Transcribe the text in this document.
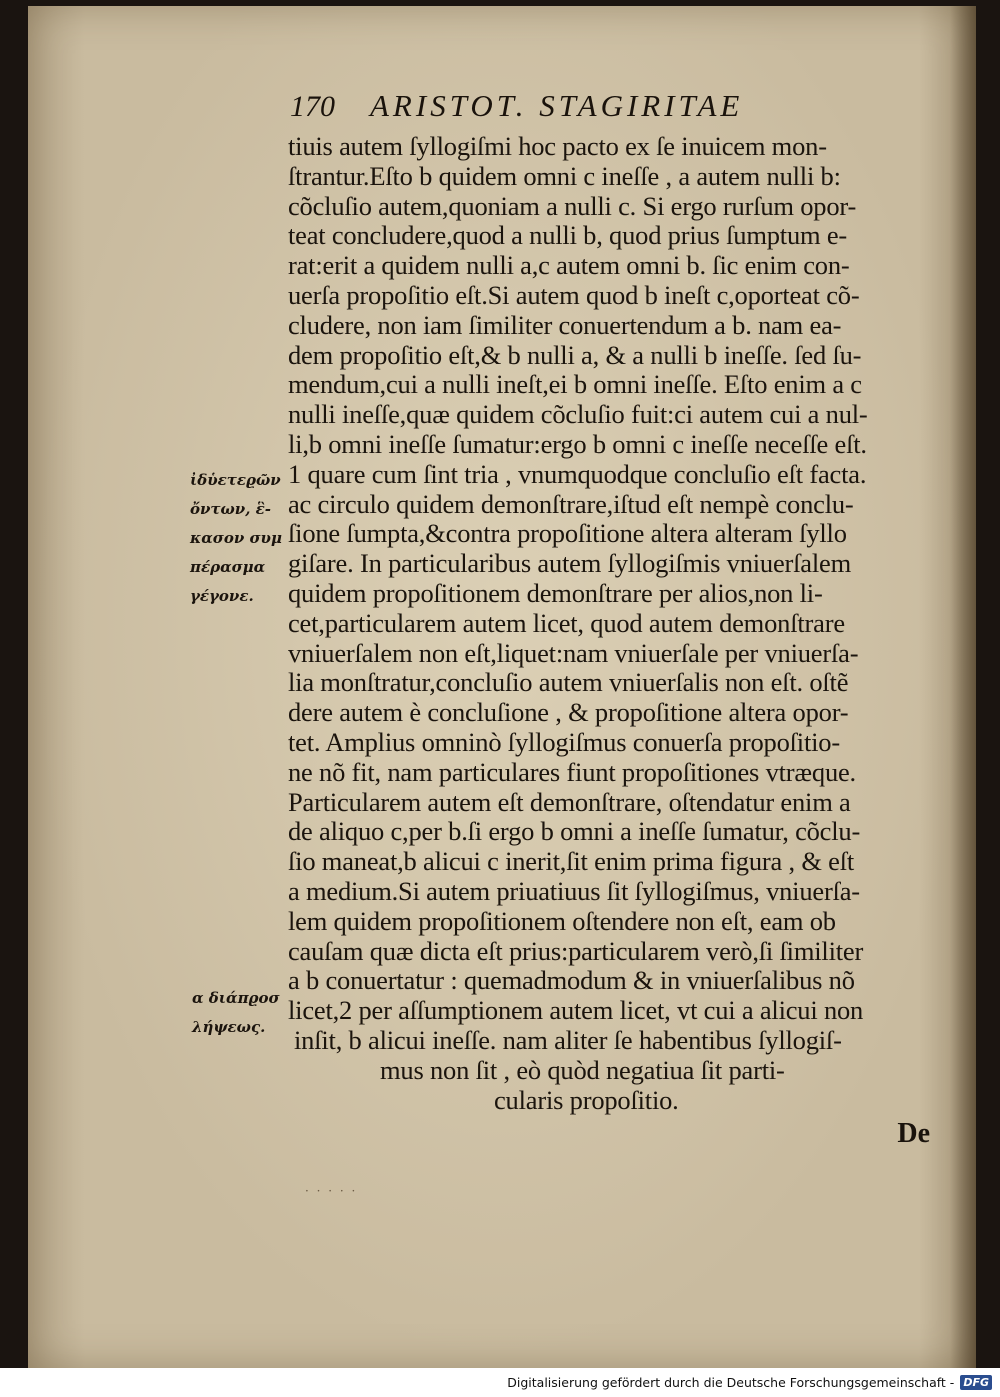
170	ARISTOT. STAGIRITAE
tiuis autem ſyllogiſmi hoc pacto ex ſe inuicem mon-
ſtrantur.Eſto b quidem omni c ineſſe , a autem nulli b:
cõcluſio autem,quoniam a nulli c. Si ergo rurſum opor-
teat concludere,quod a nulli b, quod prius ſumptum e-
rat:erit a quidem nulli a,c autem omni b. ſic enim con-
uerſa propoſitio eſt.Si autem quod b ineſt c,oporteat cõ-
cludere, non iam ſimiliter conuertendum a b. nam ea-
dem propoſitio eſt,& b nulli a, & a nulli b ineſſe. ſed ſu-
mendum,cui a nulli ineſt,ei b omni ineſſe. Eſto enim a c
nulli ineſſe,quæ quidem cõcluſio fuit:ci autem cui a nul-
li,b omni ineſſe ſumatur:ergo b omni c ineſſe neceſſe eſt.
1 quare cum ſint tria , vnumquodque concluſio eſt facta.
ac circulo quidem demonſtrare,iſtud eſt nempè conclu-
ſione ſumpta,&contra propoſitione altera alteram ſyllo
giſare. In particularibus autem ſyllogiſmis vniuerſalem
quidem propoſitionem demonſtrare per alios,non li-
cet,particularem autem licet, quod autem demonſtrare
vniuerſalem non eſt,liquet:nam vniuerſale per vniuerſa-
lia monſtratur,concluſio autem vniuerſalis non eſt. oſtẽ
dere autem è concluſione , & propoſitione altera opor-
tet. Amplius omninò ſyllogiſmus conuerſa propoſitio-
ne nõ fit, nam particulares fiunt propoſitiones vtræque.
Particularem autem eſt demonſtrare, oſtendatur enim a
de aliquo c,per b.ſi ergo b omni a ineſſe ſumatur, cõclu-
ſio maneat,b alicui c inerit,ſit enim prima figura , & eſt
a medium.Si autem priuatiuus ſit ſyllogiſmus, vniuerſa-
lem quidem propoſitionem oſtendere non eſt, eam ob
cauſam quæ dicta eſt prius:particularem verò,ſi ſimiliter
a b conuertatur : quemadmodum & in vniuerſalibus nõ
licet,2 per aſſumptionem autem licet, vt cui a alicui non
inſit, b alicui ineſſe. nam aliter ſe habentibus ſyllogiſ-
mus non ſit , eò quòd negatiua ſit parti-
cularis propoſitio.
ἰδὑετεϱῶν
ὄντων, ἓ-
κασον συμ
πέρασμα
γέγονε.
α διάπϱοσ
λήψεως.
De
· · · · ·
Digitalisierung gefördert durch die Deutsche Forschungsgemeinschaft - DFG
